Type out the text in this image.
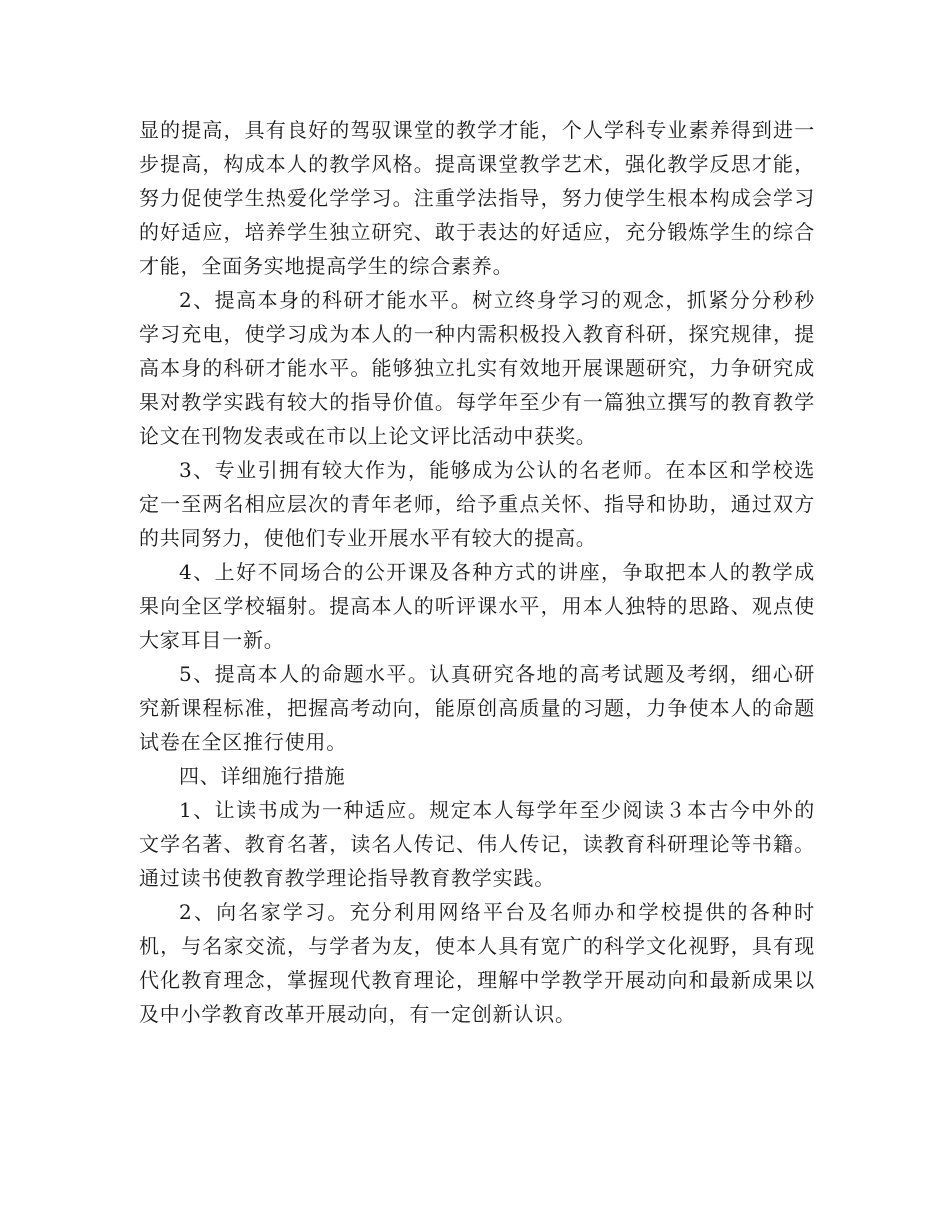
显的提高，具有良好的驾驭课堂的教学才能，个人学科专业素养得到进一步提高，构成本人的教学风格。提高课堂教学艺术，强化教学反思才能，努力促使学生热爱化学学习。注重学法指导，努力使学生根本构成会学习的好适应，培养学生独立研究、敢于表达的好适应，充分锻炼学生的综合才能，全面务实地提高学生的综合素养。

2、提高本身的科研才能水平。树立终身学习的观念，抓紧分分秒秒学习充电，使学习成为本人的一种内需积极投入教育科研，探究规律，提高本身的科研才能水平。能够独立扎实有效地开展课题研究，力争研究成果对教学实践有较大的指导价值。每学年至少有一篇独立撰写的教育教学论文在刊物发表或在市以上论文评比活动中获奖。

3、专业引拥有较大作为，能够成为公认的名老师。在本区和学校选定一至两名相应层次的青年老师，给予重点关怀、指导和协助，通过双方的共同努力，使他们专业开展水平有较大的提高。

4、上好不同场合的公开课及各种方式的讲座，争取把本人的教学成果向全区学校辐射。提高本人的听评课水平，用本人独特的思路、观点使大家耳目一新。

5、提高本人的命题水平。认真研究各地的高考试题及考纲，细心研究新课程标准，把握高考动向，能原创高质量的习题，力争使本人的命题试卷在全区推行使用。

四、详细施行措施

1、让读书成为一种适应。规定本人每学年至少阅读３本古今中外的文学名著、教育名著，读名人传记、伟人传记，读教育科研理论等书籍。通过读书使教育教学理论指导教育教学实践。

2、向名家学习。充分利用网络平台及名师办和学校提供的各种时机，与名家交流，与学者为友，使本人具有宽广的科学文化视野，具有现代化教育理念，掌握现代教育理论，理解中学教学开展动向和最新成果以及中小学教育改革开展动向，有一定创新认识。
